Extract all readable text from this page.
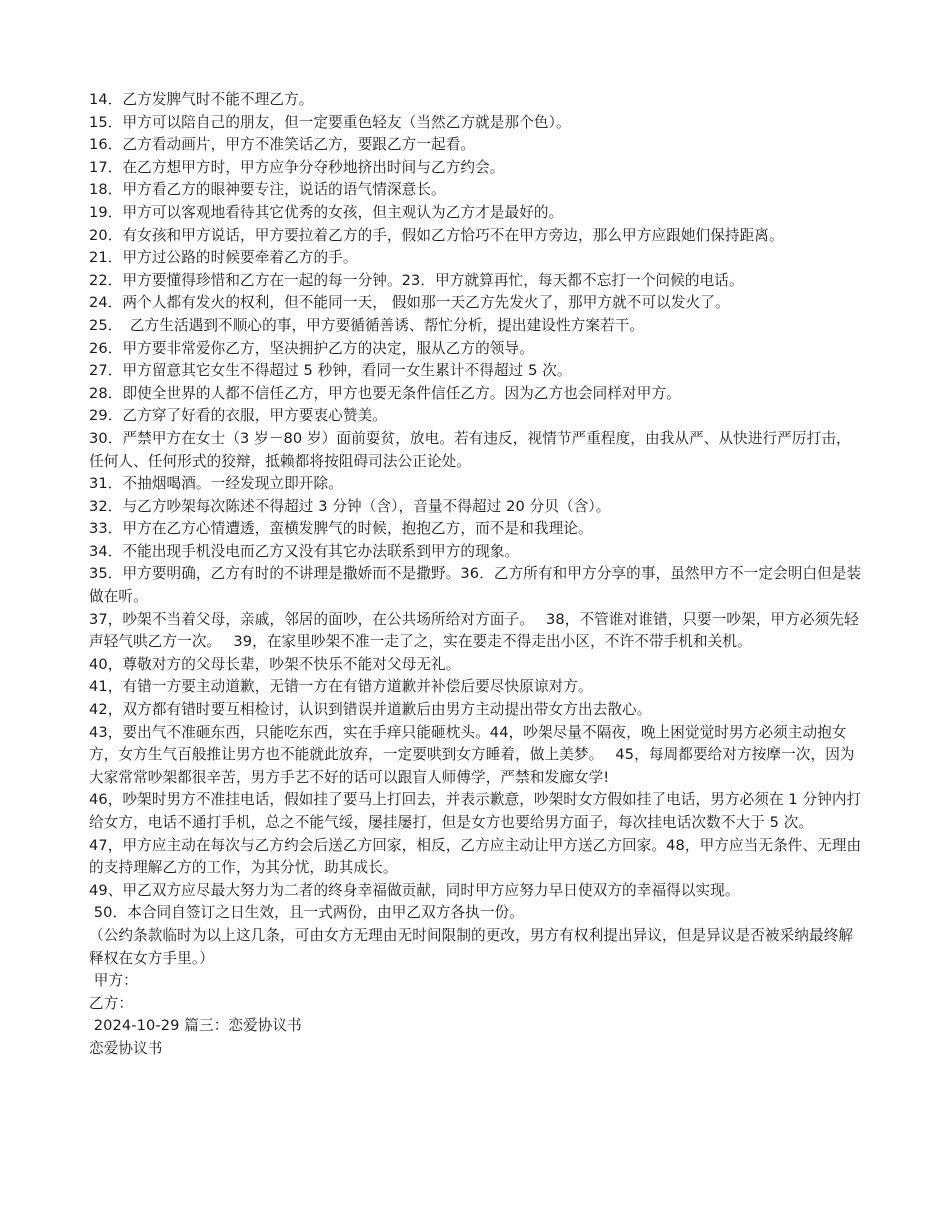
14．乙方发脾气时不能不理乙方。

15．甲方可以陪自己的朋友，但一定要重色轻友（当然乙方就是那个色）。

16．乙方看动画片，甲方不准笑话乙方，要跟乙方一起看。

17．在乙方想甲方时，甲方应争分夺秒地挤出时间与乙方约会。

18．甲方看乙方的眼神要专注，说话的语气情深意长。

19．甲方可以客观地看待其它优秀的女孩，但主观认为乙方才是最好的。

20．有女孩和甲方说话，甲方要拉着乙方的手，假如乙方恰巧不在甲方旁边，那么甲方应跟她们保持距离。

21．甲方过公路的时候要牵着乙方的手。

22．甲方要懂得珍惜和乙方在一起的每一分钟。23．甲方就算再忙，每天都不忘打一个问候的电话。

24．两个人都有发火的权利，但不能同一天， 假如那一天乙方先发火了，那甲方就不可以发火了。

25．　乙方生活遇到不顺心的事，甲方要循循善诱、帮忙分析，提出建设性方案若干。

26．甲方要非常爱你乙方，坚决拥护乙方的决定，服从乙方的领导。

27．甲方留意其它女生不得超过 5 秒钟，看同一女生累计不得超过 5 次。

28．即使全世界的人都不信任乙方，甲方也要无条件信任乙方。因为乙方也会同样对甲方。

29．乙方穿了好看的衣服，甲方要衷心赞美。

30．严禁甲方在女士（3 岁－80 岁）面前耍贫，放电。若有违反，视情节严重程度，由我从严、从快进行严厉打击，任何人、任何形式的狡辩，抵赖都将按阻碍司法公正论处。

31．不抽烟喝酒。一经发现立即开除。

32．与乙方吵架每次陈述不得超过 3 分钟（含），音量不得超过 20 分贝（含）。

33．甲方在乙方心情遭透，蛮横发脾气的时候，抱抱乙方，而不是和我理论。

34．不能出现手机没电而乙方又没有其它办法联系到甲方的现象。

35．甲方要明确，乙方有时的不讲理是撒娇而不是撒野。36．乙方所有和甲方分享的事，虽然甲方不一定会明白但是装做在听。

37，吵架不当着父母，亲戚，邻居的面吵，在公共场所给对方面子。　 38，不管谁对谁错，只要一吵架，甲方必须先轻声轻气哄乙方一次。　 39，在家里吵架不准一走了之，实在要走不得走出小区，不许不带手机和关机。

40，尊敬对方的父母长辈，吵架不快乐不能对父母无礼。

41，有错一方要主动道歉，无错一方在有错方道歉并补偿后要尽快原谅对方。

42，双方都有错时要互相检讨，认识到错误并道歉后由男方主动提出带女方出去散心。

43，要出气不准砸东西，只能吃东西，实在手痒只能砸枕头。44，吵架尽量不隔夜，晚上困觉觉时男方必须主动抱女方，女方生气百般推让男方也不能就此放弃，一定要哄到女方睡着，做上美梦。　 45，每周都要给对方按摩一次，因为大家常常吵架都很辛苦，男方手艺不好的话可以跟盲人师傅学，严禁和发廊女学!

46，吵架时男方不准挂电话，假如挂了要马上打回去，并表示歉意，吵架时女方假如挂了电话，男方必须在 1 分钟内打给女方，电话不通打手机，总之不能气绥，屡挂屡打，但是女方也要给男方面子，每次挂电话次数不大于 5 次。

47，甲方应主动在每次与乙方约会后送乙方回家，相反，乙方应主动让甲方送乙方回家。48，甲方应当无条件、无理由的支持理解乙方的工作，为其分忧，助其成长。

49、甲乙双方应尽最大努力为二者的终身幸福做贡献，同时甲方应努力早日使双方的幸福得以实现。

50．本合同自签订之日生效，且一式两份，由甲乙双方各执一份。

（公约条款临时为以上这几条，可由女方无理由无时间限制的更改，男方有权利提出异议，但是异议是否被采纳最终解释权在女方手里。）

甲方：

乙方：

2024-10-29 篇三：恋爱协议书

恋爱协议书
